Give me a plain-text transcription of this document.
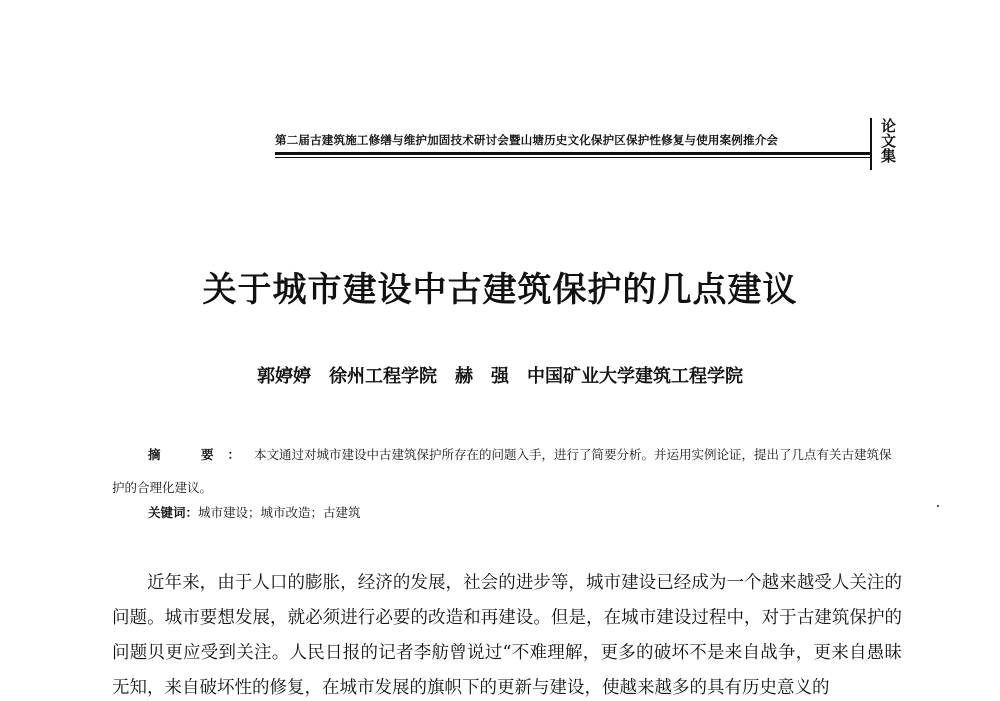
第二届古建筑施工修缮与维护加固技术研讨会暨山塘历史文化保护区保护性修复与使用案例推介会	论文集
关于城市建设中古建筑保护的几点建议
郭婷婷　徐州工程学院　赫　强　中国矿业大学建筑工程学院
摘　要：本文通过对城市建设中古建筑保护所存在的问题入手，进行了简要分析。并运用实例论证，提出了几点有关古建筑保护的合理化建议。
关键词：城市建设；城市改造；古建筑
近年来，由于人口的膨胀，经济的发展，社会的进步等，城市建设已经成为一个越来越受人关注的问题。城市要想发展，就必须进行必要的改造和再建设。但是，在城市建设过程中，对于古建筑保护的问题贝更应受到关注。人民日报的记者李舫曾说过“不难理解，更多的破坏不是来自战争，更来自愚昧无知，来自破坏性的修复，在城市发展的旗帜下的更新与建设，使越来越多的具有历史意义的
